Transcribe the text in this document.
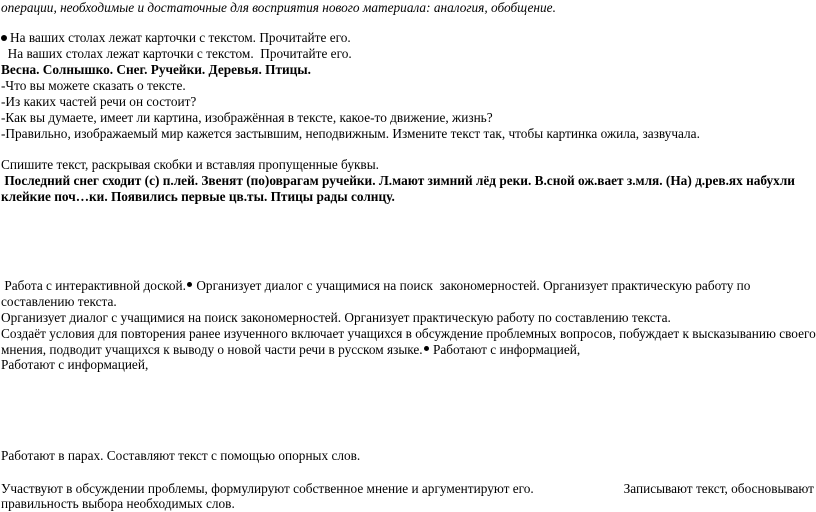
операции, необходимые и достаточные для восприятия нового материала: аналогия, обобщение.
На ваших столах лежат карточки с текстом. Прочитайте его.
На ваших столах лежат карточки с текстом.  Прочитайте его.
Весна. Солнышко. Снег. Ручейки. Деревья. Птицы.
-Что вы можете сказать о тексте.
-Из каких частей речи он состоит?
-Как вы думаете, имеет ли картина, изображённая в тексте, какое-то движение, жизнь?
-Правильно, изображаемый мир кажется застывшим, неподвижным. Измените текст так, чтобы картинка ожила, зазвучала.
Спишите текст, раскрывая скобки и вставляя пропущенные буквы.
Последний снег сходит (с) п.лей. Звенят (по)оврагам ручейки. Л.мают зимний лёд реки. В.сной ож.вает з.мля. (На) д.рев.ях набухли
клейкие поч…ки. Появились первые цв.ты. Птицы рады солнцу.
Работа с интерактивной доской. Организует диалог с учащимися на поиск  закономерностей. Организует практическую работу по
составлению текста.
Организует диалог с учащимися на поиск закономерностей. Организует практическую работу по составлению текста.
Создаёт условия для повторения ранее изученного включает учащихся в обсуждение проблемных вопросов, побуждает к высказыванию своего
мнения, подводит учащихся к выводу о новой части речи в русском языке. Работают с информацией,
Работают с информацией,
Работают в парах. Составляют текст с помощью опорных слов.
Участвуют в обсуждении проблемы, формулируют собственное мнение и аргументируют его.	Записывают текст, обосновывают
правильность выбора необходимых слов.
